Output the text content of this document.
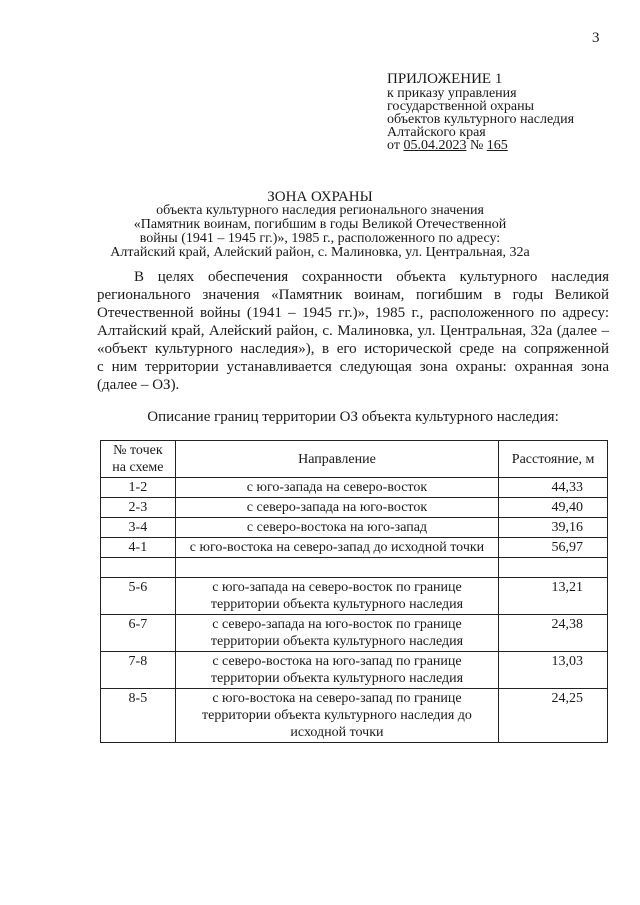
3
ПРИЛОЖЕНИЕ 1
к приказу управления
государственной охраны
объектов культурного наследия
Алтайского края
от 05.04.2023 № 165
ЗОНА ОХРАНЫ
объекта культурного наследия регионального значения
«Памятник воинам, погибшим в годы Великой Отечественной
войны (1941 – 1945 гг.)», 1985 г., расположенного по адресу:
Алтайский край, Алейский район, с. Малиновка, ул. Центральная, 32а
В целях обеспечения сохранности объекта культурного наследия
регионального значения «Памятник воинам, погибшим в годы Великой
Отечественной войны (1941 – 1945 гг.)», 1985 г., расположенного по адресу:
Алтайский край, Алейский район, с. Малиновка, ул. Центральная, 32а (далее –
«объект культурного наследия»), в его исторической среде на сопряженной
с ним территории устанавливается следующая зона охраны: охранная зона
(далее – ОЗ).
Описание границ территории ОЗ объекта культурного наследия:
№ точек на схеме	Направление	Расстояние, м
1-2	с юго-запада на северо-восток	44,33
2-3	с северо-запада на юго-восток	49,40
3-4	с северо-востока на юго-запад	39,16
4-1	с юго-востока на северо-запад до исходной точки	56,97

5-6	с юго-запада на северо-восток по границе территории объекта культурного наследия	13,21
6-7	с северо-запада на юго-восток по границе территории объекта культурного наследия	24,38
7-8	с северо-востока на юго-запад по границе территории объекта культурного наследия	13,03
8-5	с юго-востока на северо-запад по границе территории объекта культурного наследия до исходной точки	24,25
